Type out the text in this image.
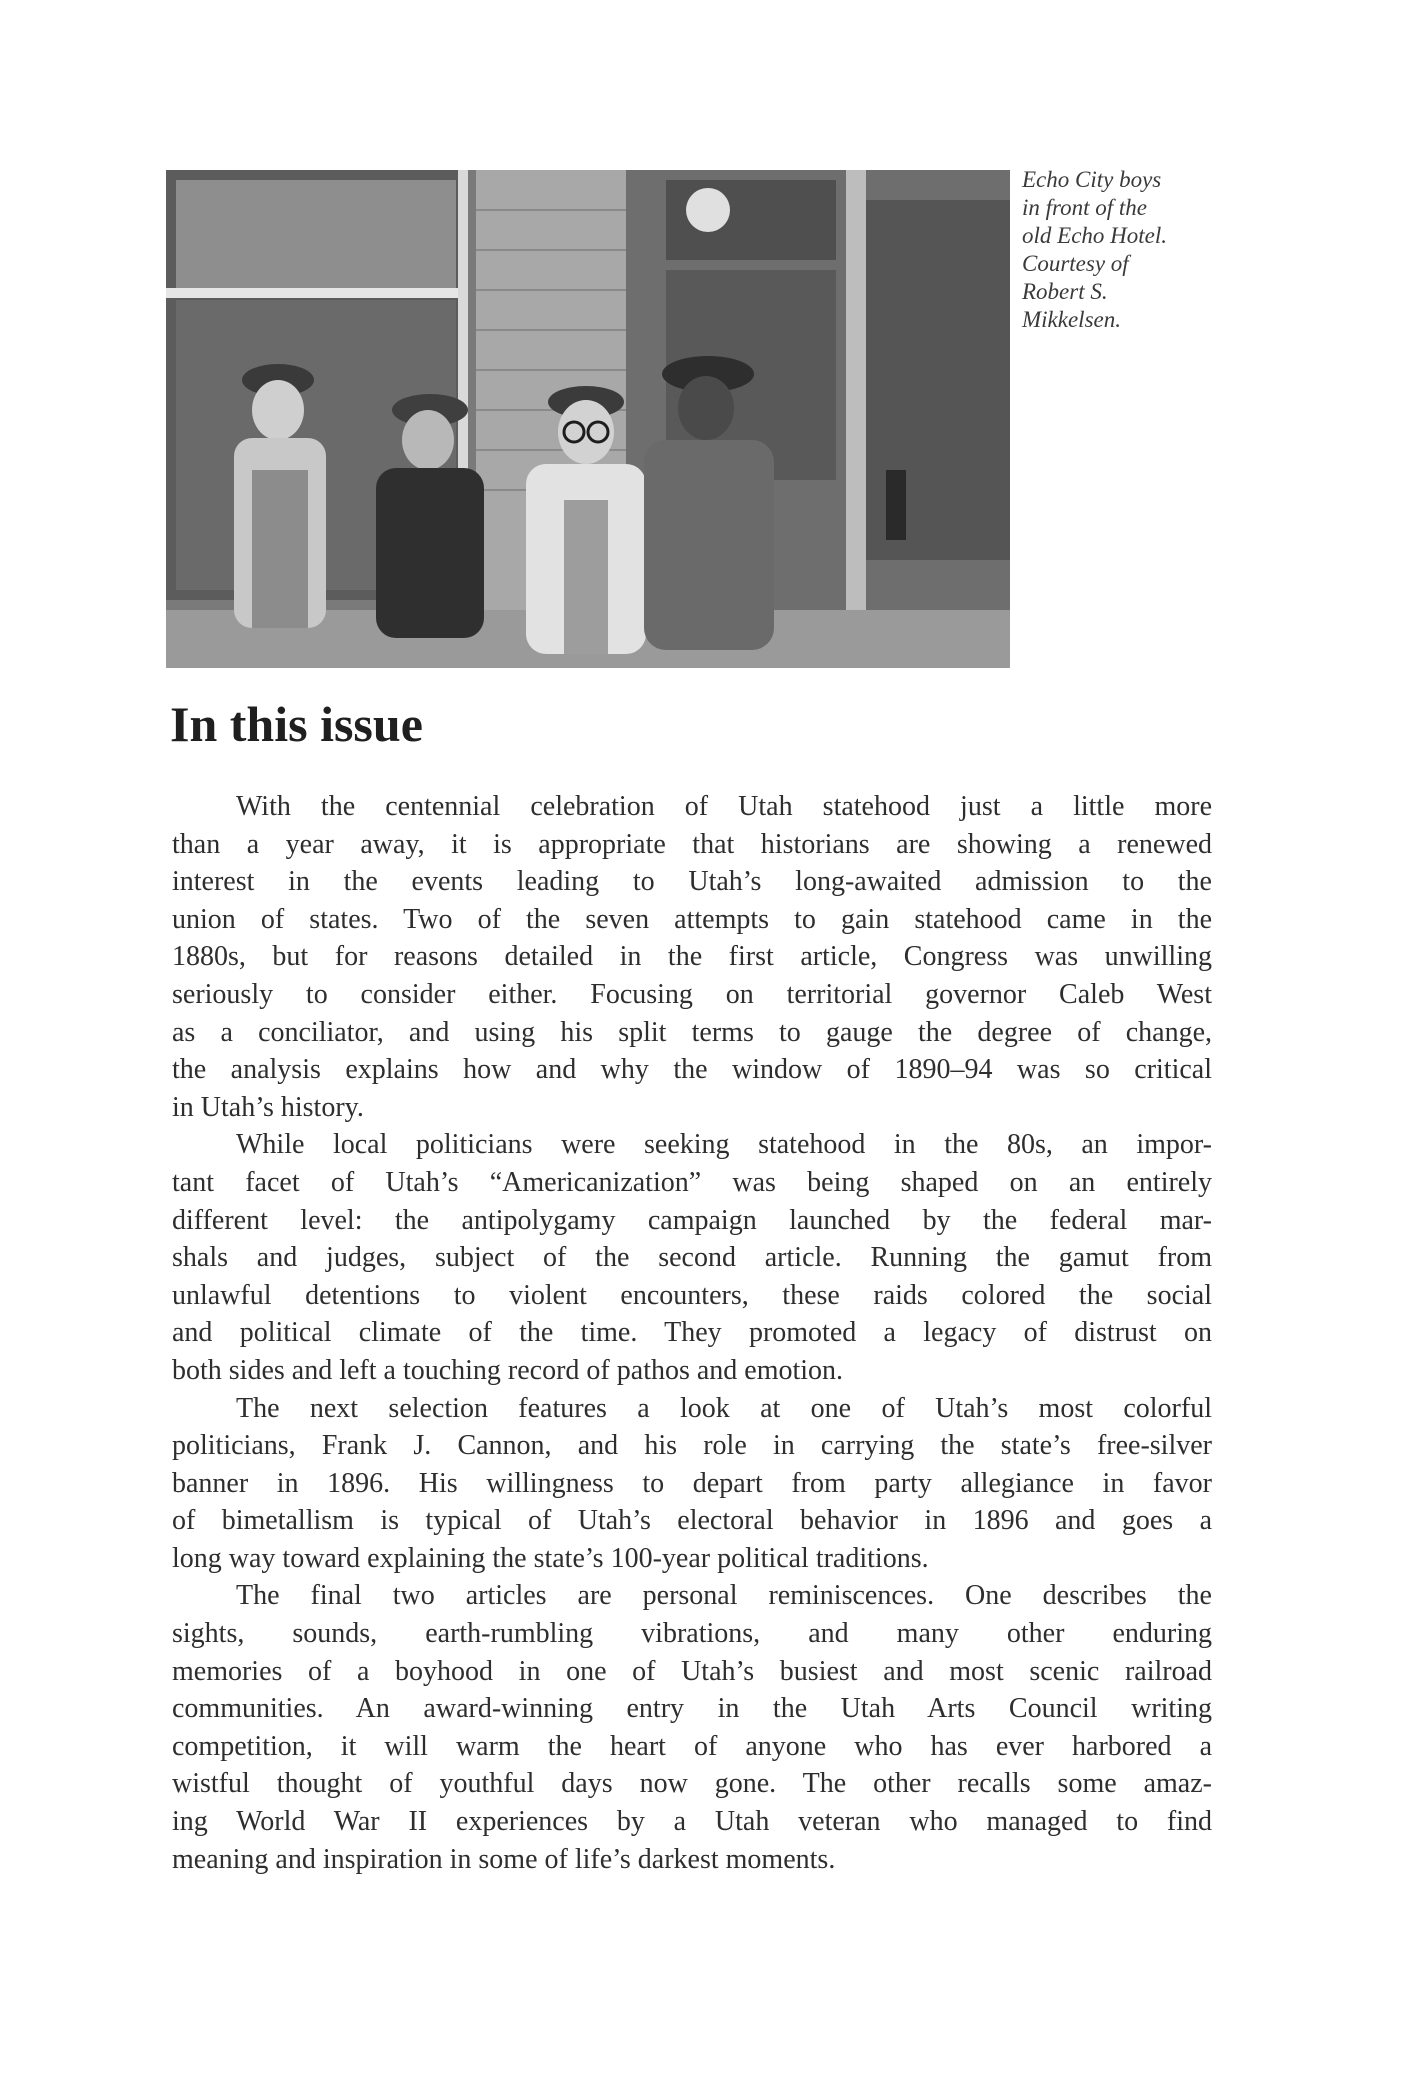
Echo City boys
in front of the
old Echo Hotel.
Courtesy of
Robert S.
Mikkelsen.
In this issue

With the centennial celebration of Utah statehood just a little more
than a year away, it is appropriate that historians are showing a renewed
interest in the events leading to Utah’s long-awaited admission to the
union of states. Two of the seven attempts to gain statehood came in the
1880s, but for reasons detailed in the first article, Congress was unwilling
seriously to consider either. Focusing on territorial governor Caleb West
as a conciliator, and using his split terms to gauge the degree of change,
the analysis explains how and why the window of 1890–94 was so critical
in Utah’s history.

While local politicians were seeking statehood in the 80s, an impor-
tant facet of Utah’s “Americanization” was being shaped on an entirely
different level: the antipolygamy campaign launched by the federal mar-
shals and judges, subject of the second article. Running the gamut from
unlawful detentions to violent encounters, these raids colored the social
and political climate of the time. They promoted a legacy of distrust on
both sides and left a touching record of pathos and emotion.

The next selection features a look at one of Utah’s most colorful
politicians, Frank J. Cannon, and his role in carrying the state’s free-silver
banner in 1896. His willingness to depart from party allegiance in favor
of bimetallism is typical of Utah’s electoral behavior in 1896 and goes a
long way toward explaining the state’s 100-year political traditions.

The final two articles are personal reminiscences. One describes the
sights, sounds, earth-rumbling vibrations, and many other enduring
memories of a boyhood in one of Utah’s busiest and most scenic railroad
communities. An award-winning entry in the Utah Arts Council writing
competition, it will warm the heart of anyone who has ever harbored a
wistful thought of youthful days now gone. The other recalls some amaz-
ing World War II experiences by a Utah veteran who managed to find
meaning and inspiration in some of life’s darkest moments.
